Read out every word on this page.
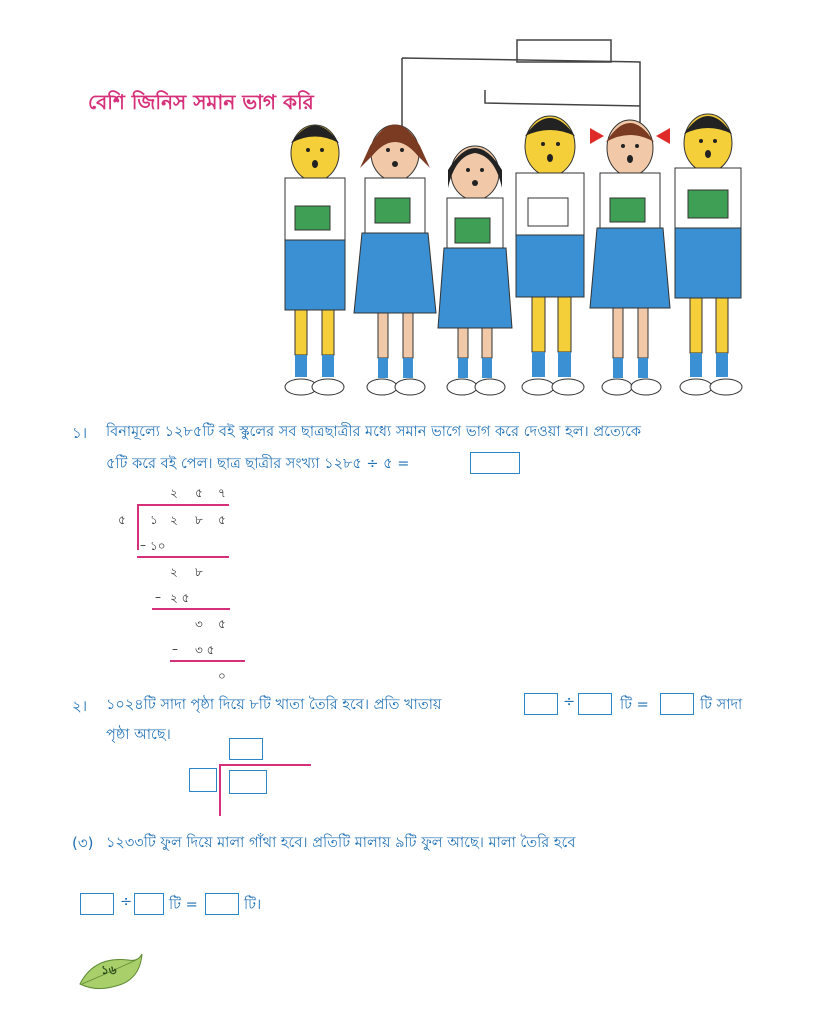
বেশি জিনিস সমান ভাগ করি
১। বিনামূল্যে ১২৮৫টি বই স্কুলের সব ছাত্রছাত্রীর মধ্যে সমান ভাগে ভাগ করে দেওয়া হল। প্রত্যেকে
৫টি করে বই পেল। ছাত্র ছাত্রীর সংখ্যা ১২৮৫ ÷ ৫ =
২ ৫ ৭
৫ ১ ২ ৮ ৫
– ১০
২ ৮
– ২ ৫
৩ ৫
– ৩ ৫
০
২। ১০২৪টি সাদা পৃষ্ঠা দিয়ে ৮টি খাতা তৈরি হবে। প্রতি খাতায়	÷	টি =	টি সাদা
পৃষ্ঠা আছে।
(৩) ১২৩৩টি ফুল দিয়ে মালা গাঁথা হবে। প্রতিটি মালায় ৯টি ফুল আছে। মালা তৈরি হবে
÷	টি =	টি।
১৬
